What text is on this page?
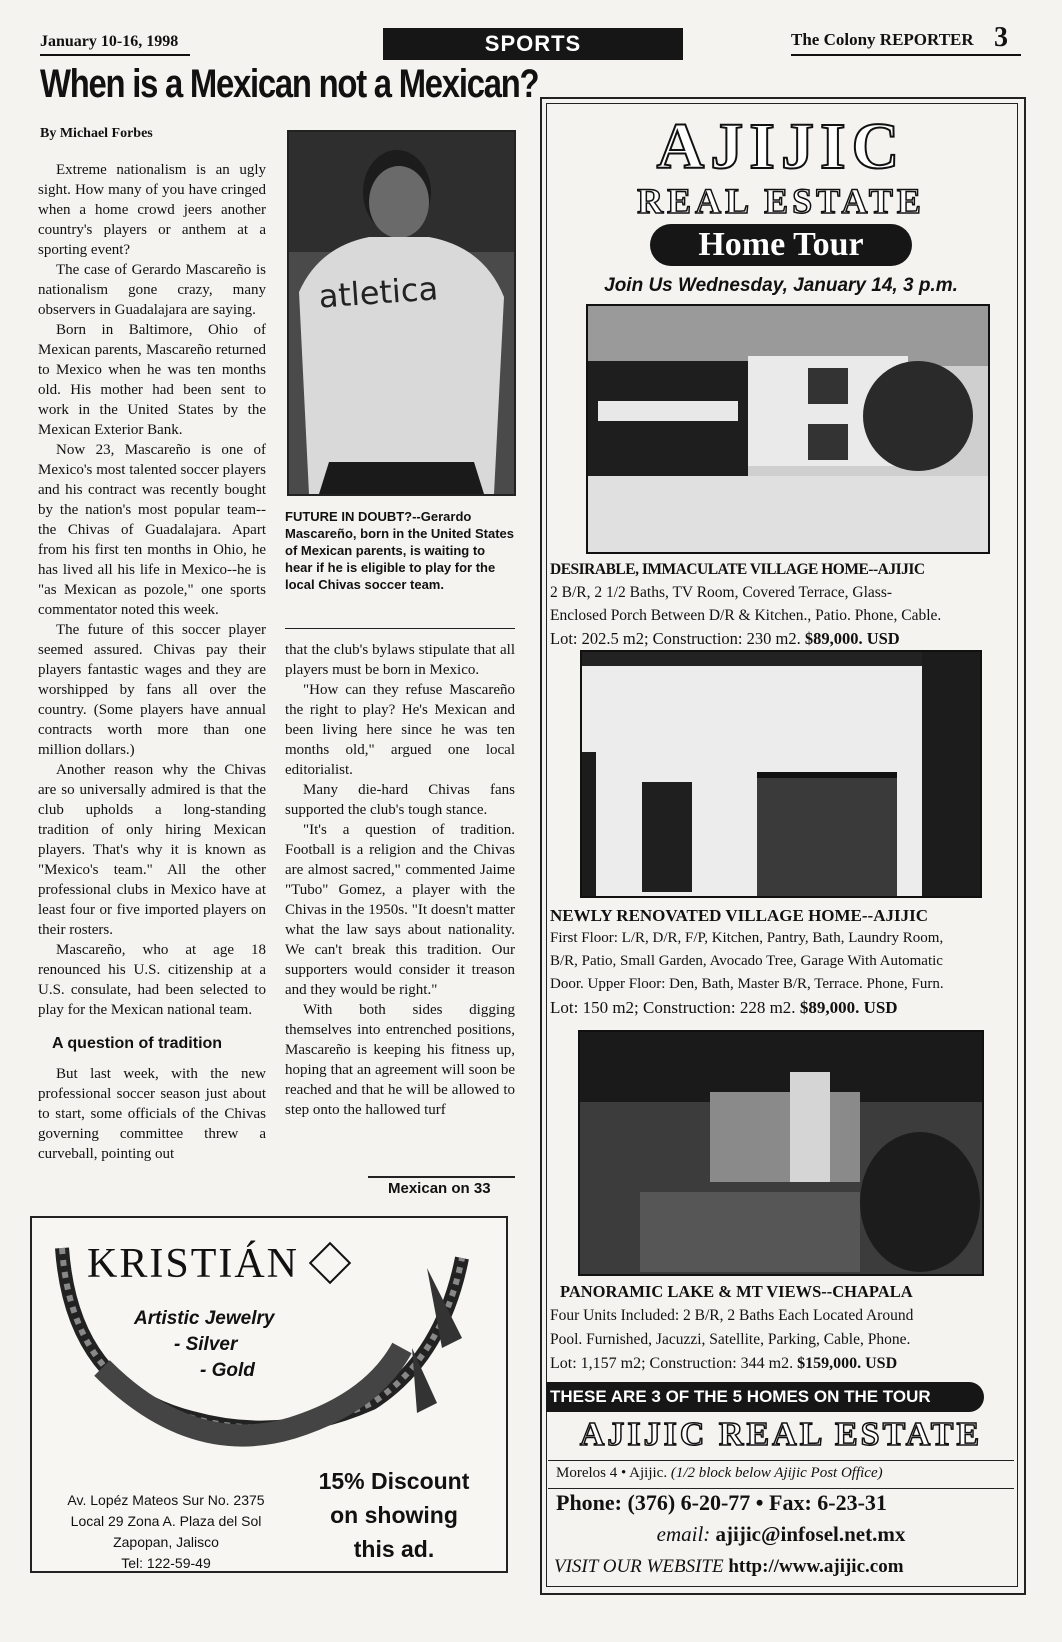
January 10-16, 1998	SPORTS	The Colony REPORTER 3
When is a Mexican not a Mexican?
By Michael Forbes

Extreme nationalism is an ugly sight. How many of you have cringed when a home crowd jeers another country's players or anthem at a sporting event?

The case of Gerardo Mascareño is nationalism gone crazy, many observers in Guadalajara are saying.

Born in Baltimore, Ohio of Mexican parents, Mascareño returned to Mexico when he was ten months old. His mother had been sent to work in the United States by the Mexican Exterior Bank.

Now 23, Mascareño is one of Mexico's most talented soccer players and his contract was recently bought by the nation's most popular team--the Chivas of Guadalajara. Apart from his first ten months in Ohio, he has lived all his life in Mexico--he is "as Mexican as pozole," one sports commentator noted this week.

The future of this soccer player seemed assured. Chivas pay their players fantastic wages and they are worshipped by fans all over the country. (Some players have annual contracts worth more than one million dollars.)

Another reason why the Chivas are so universally admired is that the club upholds a long-standing tradition of only hiring Mexican players. That's why it is known as "Mexico's team." All the other professional clubs in Mexico have at least four or five imported players on their rosters.

Mascareño, who at age 18 renounced his U.S. citizenship at a U.S. consulate, had been selected to play for the Mexican national team.

A question of tradition

But last week, with the new professional soccer season just about to start, some officials of the Chivas governing committee threw a curveball, pointing out

atletica
FUTURE IN DOUBT?--Gerardo Mascareño, born in the United States of Mexican parents, is waiting to hear if he is eligible to play for the local Chivas soccer team.

that the club's bylaws stipulate that all players must be born in Mexico.

"How can they refuse Mascareño the right to play? He's Mexican and been living here since he was ten months old," argued one local editorialist.

Many die-hard Chivas fans supported the club's tough stance.

"It's a question of tradition. Football is a religion and the Chivas are almost sacred," commented Jaime "Tubo" Gomez, a player with the Chivas in the 1950s. "It doesn't matter what the law says about nationality. We can't break this tradition. Our supporters would consider it treason and they would be right."

With both sides digging themselves into entrenched positions, Mascareño is keeping his fitness up, hoping that an agreement will soon be reached and that he will be allowed to step onto the hallowed turf

Mexican on 33
KRISTIÁN
Artistic Jewelry
- Silver
- Gold
Av. Lopéz Mateos Sur No. 2375
Local 29 Zona A. Plaza del Sol
Zapopan, Jalisco
Tel: 122-59-49
15% Discount
on showing
this ad.
AJIJIC
REAL ESTATE
Home Tour
Join Us Wednesday, January 14, 3 p.m.
DESIRABLE, IMMACULATE VILLAGE HOME--AJIJIC
2 B/R, 2 1/2 Baths, TV Room, Covered Terrace, Glass-
Enclosed Porch Between D/R & Kitchen., Patio. Phone, Cable.
Lot: 202.5 m2; Construction: 230 m2. $89,000. USD
NEWLY RENOVATED VILLAGE HOME--AJIJIC
First Floor: L/R, D/R, F/P, Kitchen, Pantry, Bath, Laundry Room,
B/R, Patio, Small Garden, Avocado Tree, Garage With Automatic
Door. Upper Floor: Den, Bath, Master B/R, Terrace. Phone, Furn.
Lot: 150 m2; Construction: 228 m2. $89,000. USD
PANORAMIC LAKE & MT VIEWS--CHAPALA
Four Units Included: 2 B/R, 2 Baths Each Located Around
Pool. Furnished, Jacuzzi, Satellite, Parking, Cable, Phone.
Lot: 1,157 m2; Construction: 344 m2. $159,000. USD
THESE ARE 3 OF THE 5 HOMES ON THE TOUR
AJIJIC REAL ESTATE
Morelos 4 • Ajijic. (1/2 block below Ajijic Post Office)
Phone: (376) 6-20-77 • Fax: 6-23-31
email: ajijic@infosel.net.mx
VISIT OUR WEBSITE http://www.ajijic.com
